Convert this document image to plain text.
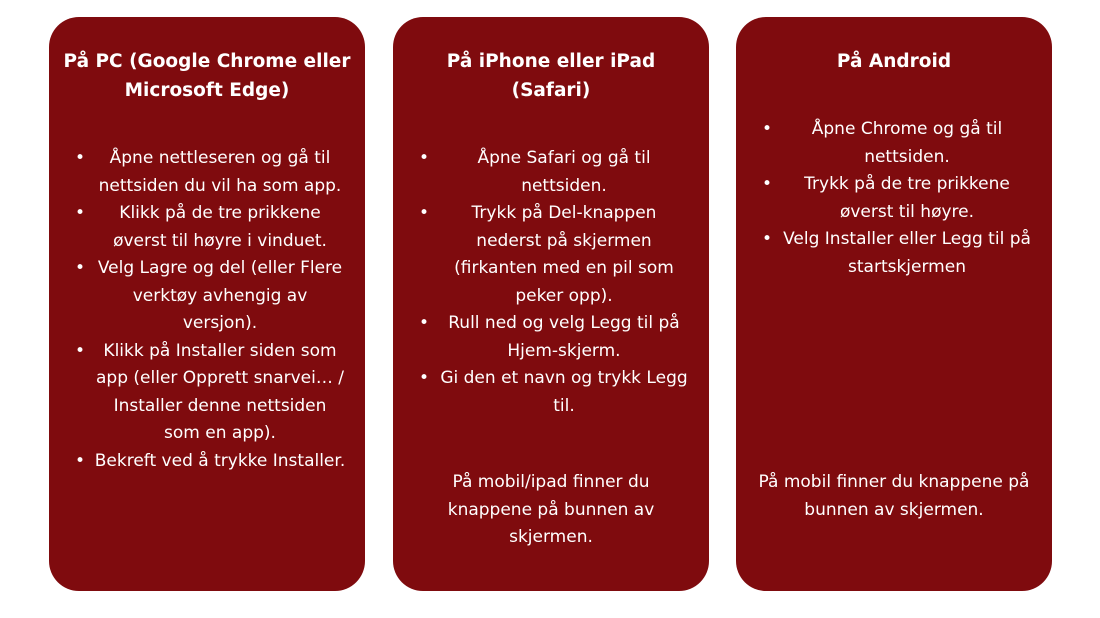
På PC (Google Chrome eller Microsoft Edge)
• Åpne nettleseren og gå til nettsiden du vil ha som app.
• Klikk på de tre prikkene øverst til høyre i vinduet.
• Velg Lagre og del (eller Flere verktøy avhengig av versjon).
• Klikk på Installer siden som app (eller Opprett snarvei… / Installer denne nettsiden som en app).
• Bekreft ved å trykke Installer.
På iPhone eller iPad (Safari)
• Åpne Safari og gå til nettsiden.
• Trykk på Del-knappen nederst på skjermen (firkanten med en pil som peker opp).
• Rull ned og velg Legg til på Hjem-skjerm.
• Gi den et navn og trykk Legg til.

På mobil/ipad finner du knappene på bunnen av skjermen.

På Android
• Åpne Chrome og gå til nettsiden.
• Trykk på de tre prikkene øverst til høyre.
• Velg Installer eller Legg til på startskjermen

På mobil finner du knappene på bunnen av skjermen.
